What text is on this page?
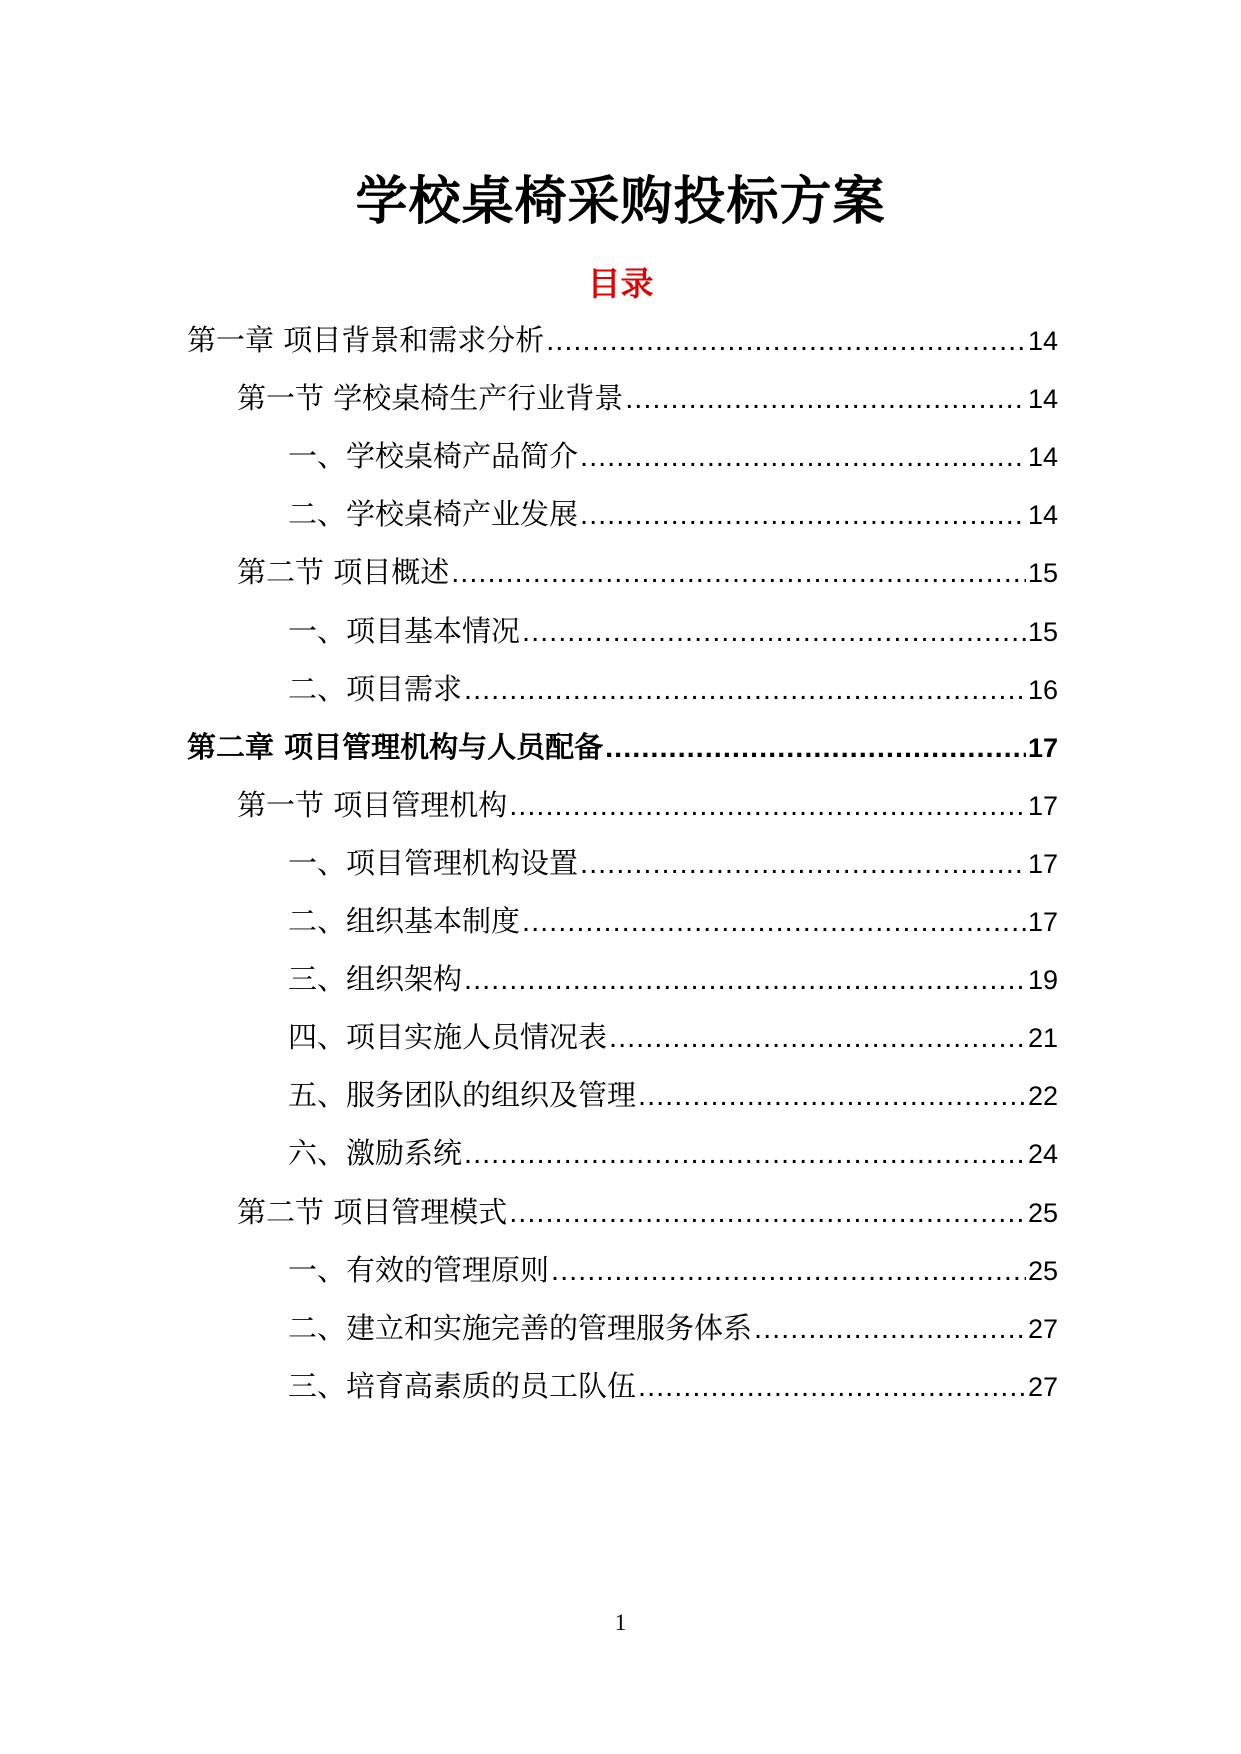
学校桌椅采购投标方案
目录
第一章 项目背景和需求分析 .....	14
第一节 学校桌椅生产行业背景 .....	14
一、学校桌椅产品简介 .....	14
二、学校桌椅产业发展 .....	14
第二节 项目概述 .....	15
一、项目基本情况 .....	15
二、项目需求 .....	16
第二章 项目管理机构与人员配备 .....	17
第一节 项目管理机构 .....	17
一、项目管理机构设置 .....	17
二、组织基本制度 .....	17
三、组织架构 .....	19
四、项目实施人员情况表 .....	21
五、服务团队的组织及管理 .....	22
六、激励系统 .....	24
第二节 项目管理模式 .....	25
一、有效的管理原则 .....	25
二、建立和实施完善的管理服务体系 .....	27
三、培育高素质的员工队伍 .....	27
1
